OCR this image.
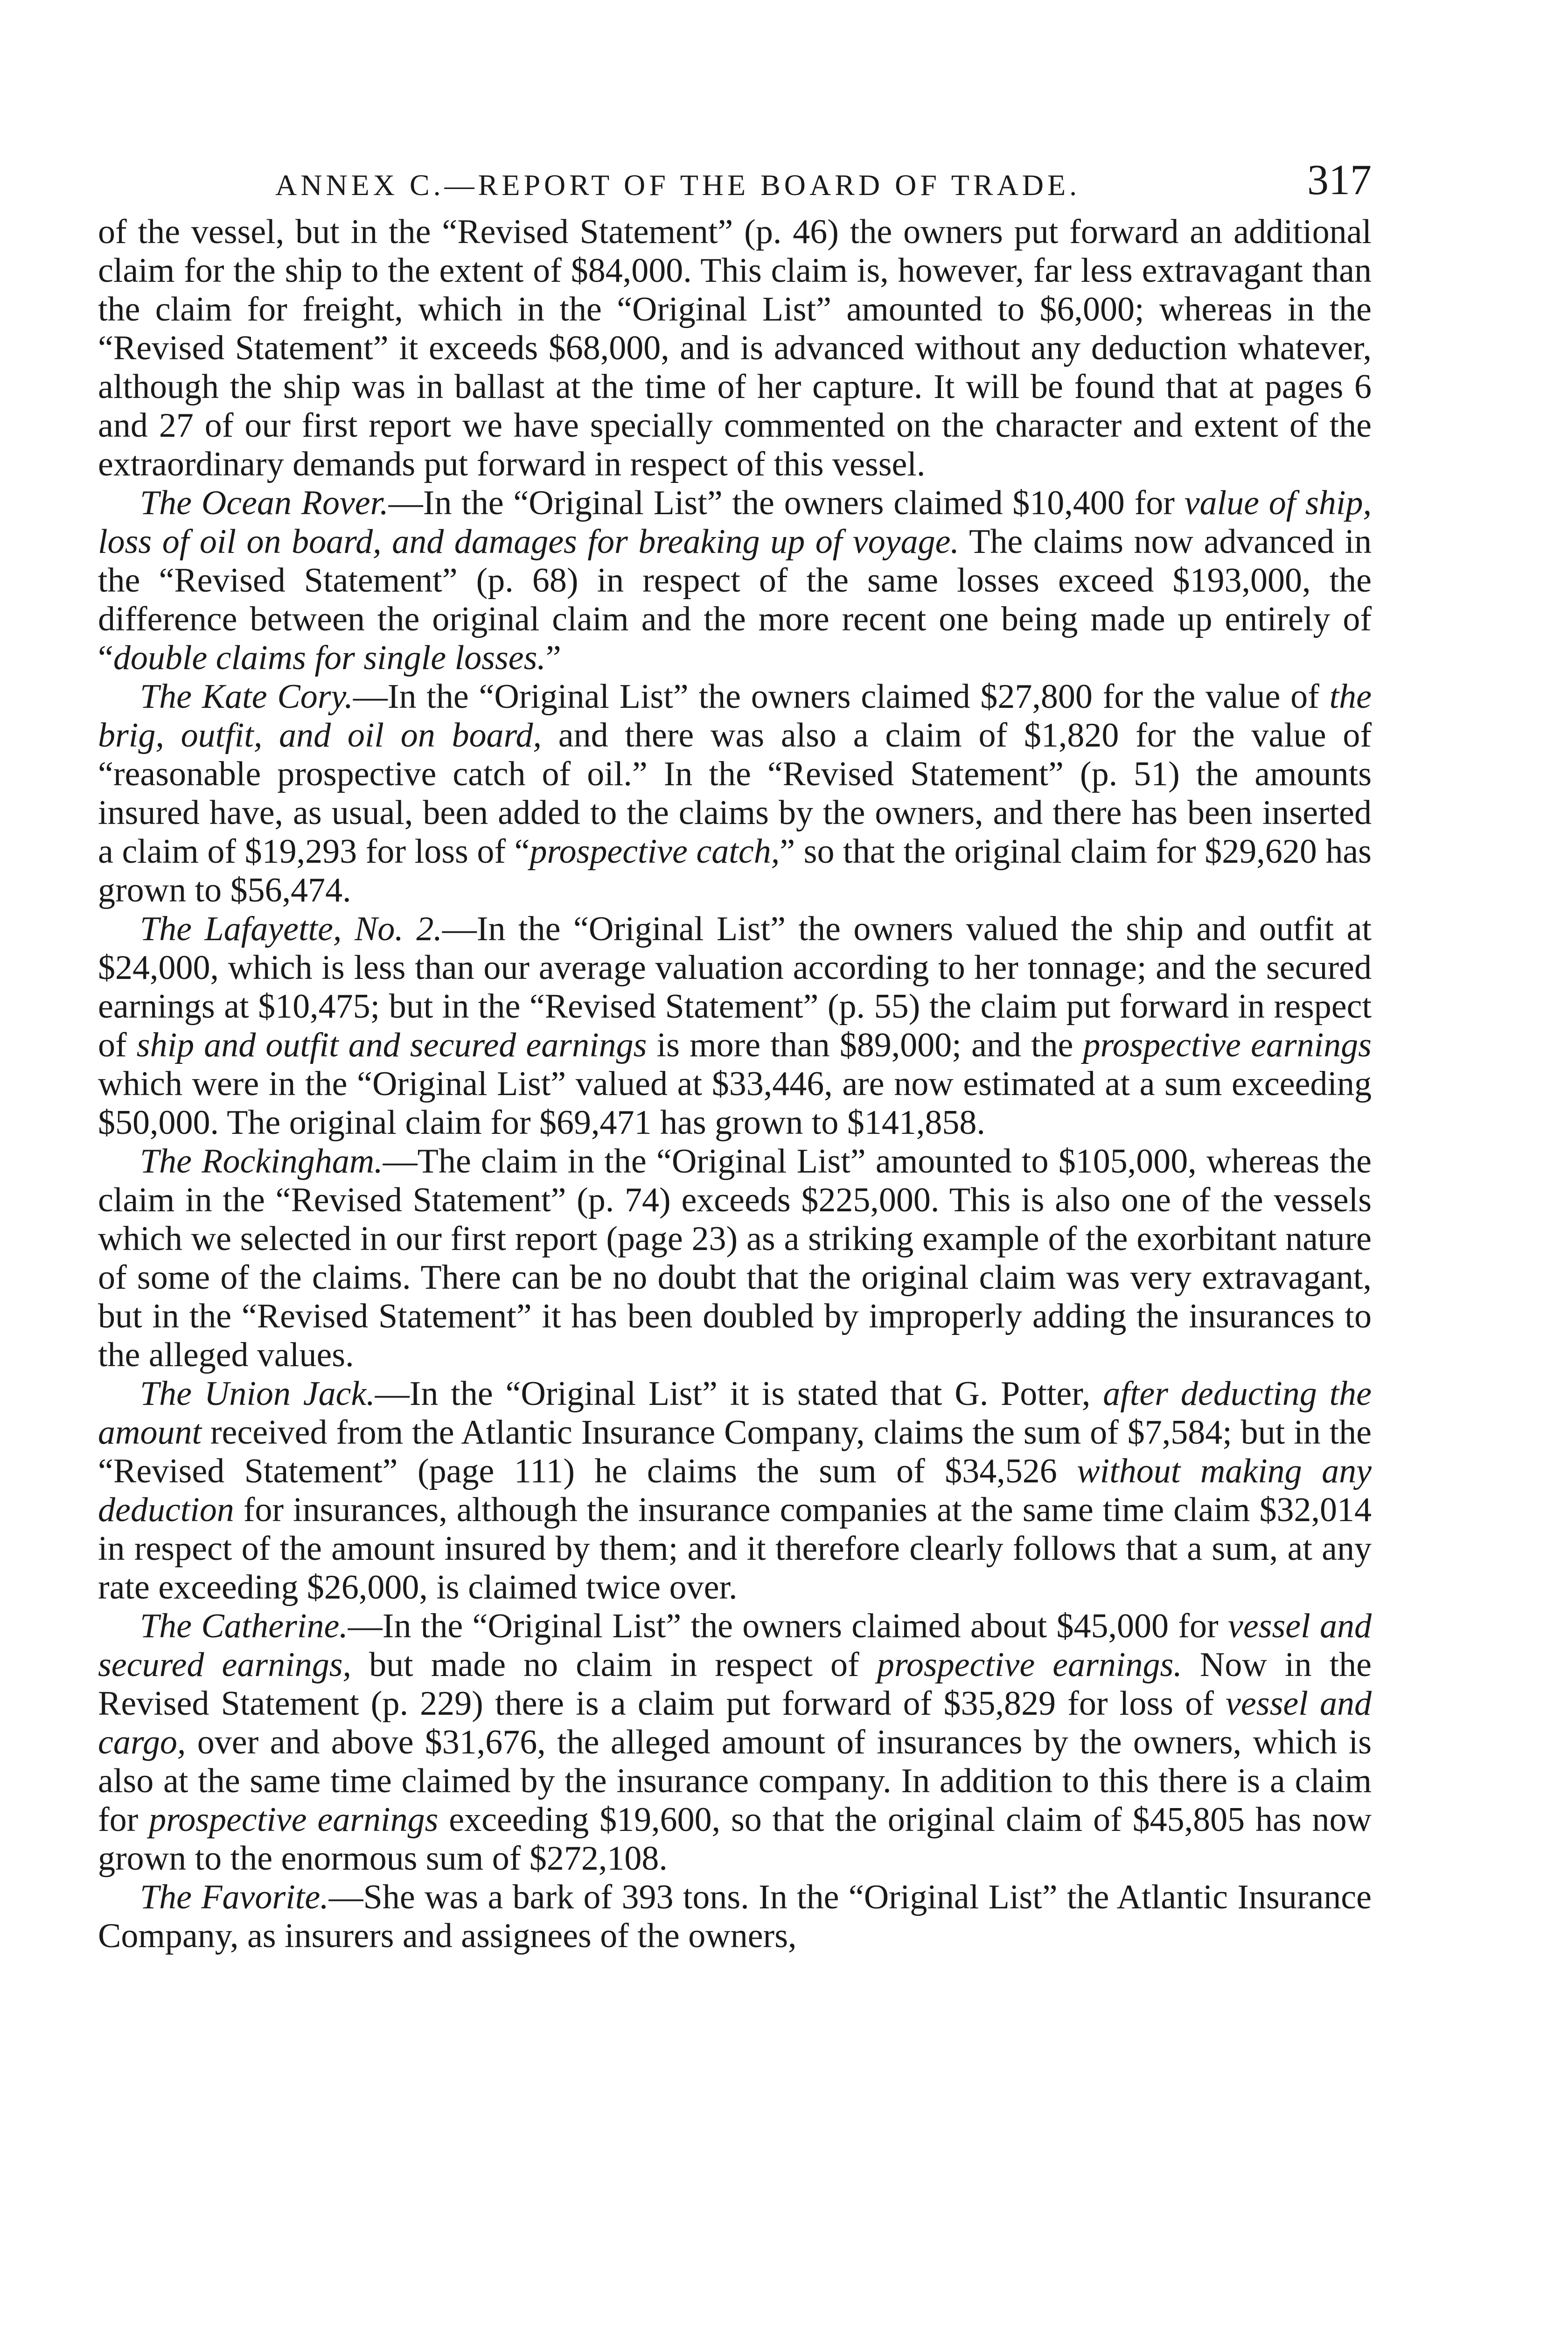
ANNEX C.—REPORT OF THE BOARD OF TRADE.	317

of the vessel, but in the “Revised Statement” (p. 46) the owners put forward an additional claim for the ship to the extent of $84,000. This claim is, however, far less extravagant than the claim for freight, which in the “Original List” amounted to $6,000; whereas in the “Revised Statement” it exceeds $68,000, and is advanced without any deduction whatever, although the ship was in ballast at the time of her capture. It will be found that at pages 6 and 27 of our first report we have specially commented on the character and extent of the extraordinary demands put forward in respect of this vessel.

The Ocean Rover.—In the “Original List” the owners claimed $10,400 for value of ship, loss of oil on board, and damages for breaking up of voyage. The claims now advanced in the “Revised Statement” (p. 68) in respect of the same losses exceed $193,000, the difference between the original claim and the more recent one being made up entirely of “double claims for single losses.”

The Kate Cory.—In the “Original List” the owners claimed $27,800 for the value of the brig, outfit, and oil on board, and there was also a claim of $1,820 for the value of “reasonable prospective catch of oil.” In the “Revised Statement” (p. 51) the amounts insured have, as usual, been added to the claims by the owners, and there has been inserted a claim of $19,293 for loss of “prospective catch,” so that the original claim for $29,620 has grown to $56,474.

The Lafayette, No. 2.—In the “Original List” the owners valued the ship and outfit at $24,000, which is less than our average valuation according to her tonnage; and the secured earnings at $10,475; but in the “Revised Statement” (p. 55) the claim put forward in respect of ship and outfit and secured earnings is more than $89,000; and the prospective earnings which were in the “Original List” valued at $33,446, are now estimated at a sum exceeding $50,000. The original claim for $69,471 has grown to $141,858.

The Rockingham.—The claim in the “Original List” amounted to $105,000, whereas the claim in the “Revised Statement” (p. 74) exceeds $225,000. This is also one of the vessels which we selected in our first report (page 23) as a striking example of the exorbitant nature of some of the claims. There can be no doubt that the original claim was very extravagant, but in the “Revised Statement” it has been doubled by improperly adding the insurances to the alleged values.

The Union Jack.—In the “Original List” it is stated that G. Potter, after deducting the amount received from the Atlantic Insurance Company, claims the sum of $7,584; but in the “Revised Statement” (page 111) he claims the sum of $34,526 without making any deduction for insurances, although the insurance companies at the same time claim $32,014 in respect of the amount insured by them; and it therefore clearly follows that a sum, at any rate exceeding $26,000, is claimed twice over.

The Catherine.—In the “Original List” the owners claimed about $45,000 for vessel and secured earnings, but made no claim in respect of prospective earnings. Now in the Revised Statement (p. 229) there is a claim put forward of $35,829 for loss of vessel and cargo, over and above $31,676, the alleged amount of insurances by the owners, which is also at the same time claimed by the insurance company. In addition to this there is a claim for prospective earnings exceeding $19,600, so that the original claim of $45,805 has now grown to the enormous sum of $272,108.

The Favorite.—She was a bark of 393 tons. In the “Original List” the Atlantic Insurance Company, as insurers and assignees of the owners,
